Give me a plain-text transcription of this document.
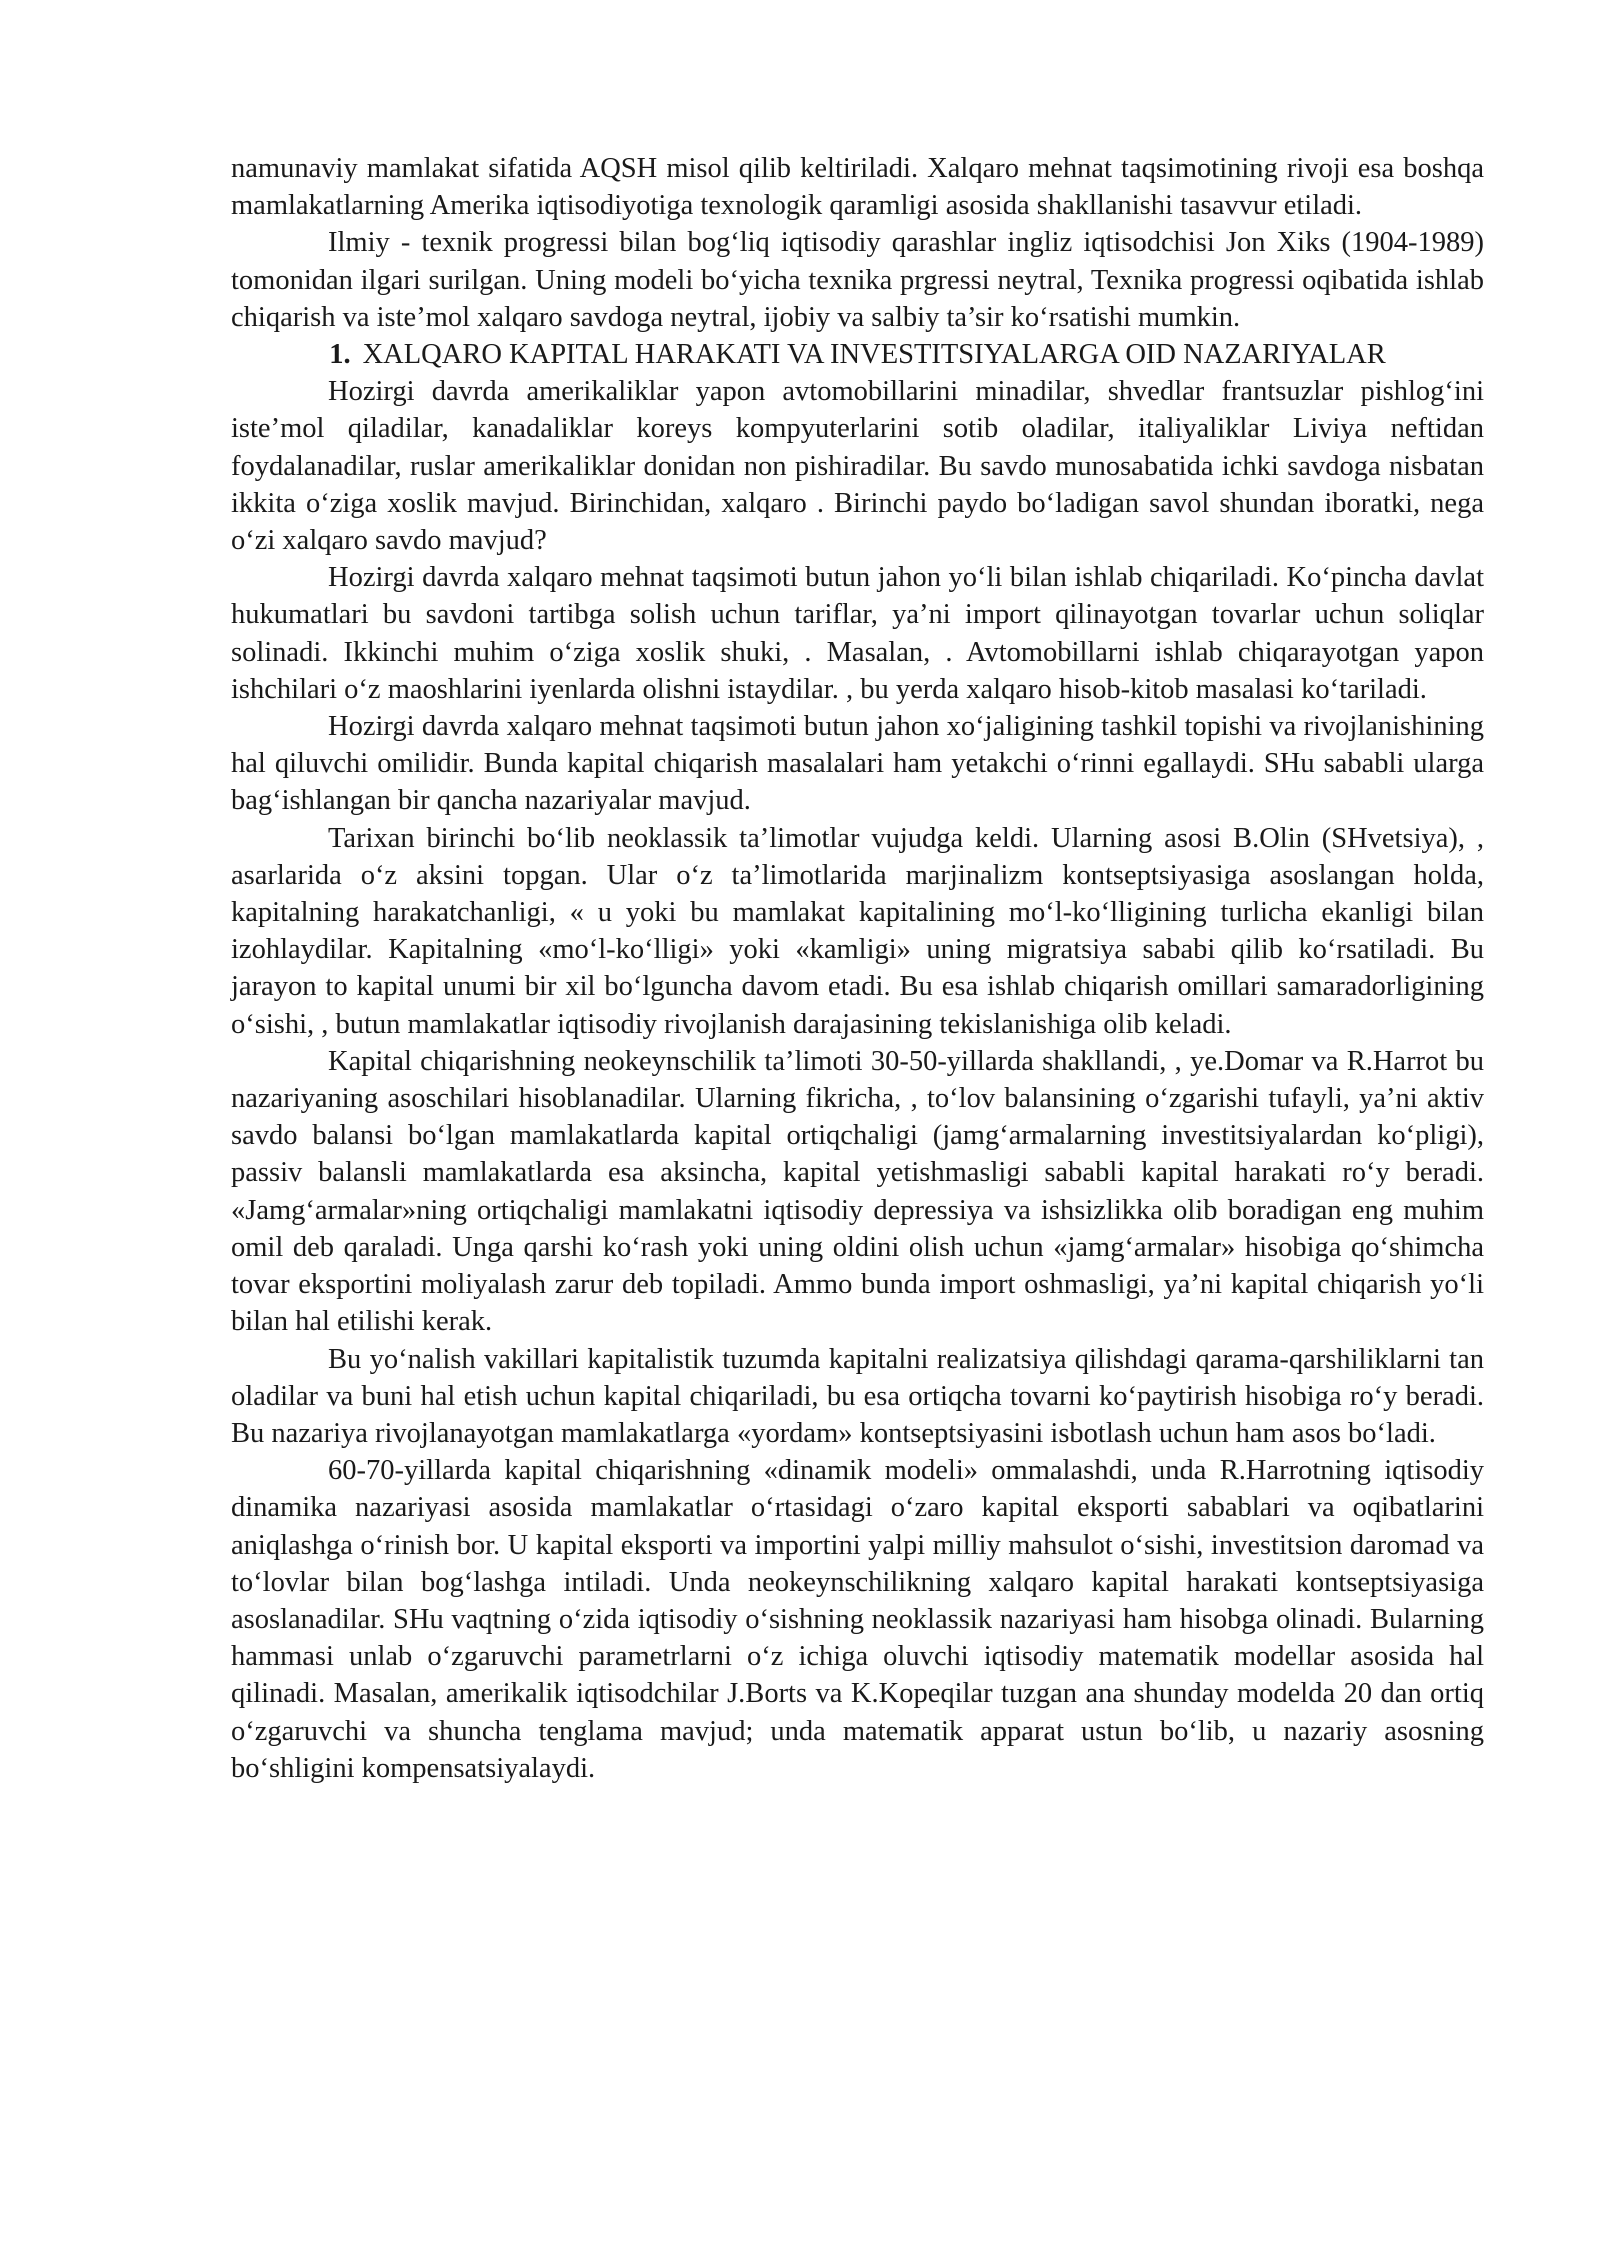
namunaviy mamlakat sifatida AQSH misol qilib keltiriladi. Xalqaro mehnat taqsimotining rivoji esa boshqa mamlakatlarning Amerika iqtisodiyotiga texnologik qaramligi asosida shakllanishi tasavvur etiladi.

Ilmiy - texnik progressi bilan bog‘liq iqtisodiy qarashlar ingliz iqtisodchisi Jon Xiks (1904-1989) tomonidan ilgari surilgan. Uning modeli bo‘yicha texnika prgressi neytral, Texnika progressi oqibatida ishlab chiqarish va iste’mol xalqaro savdoga neytral, ijobiy va salbiy ta’sir ko‘rsatishi mumkin.

1. XALQARO KAPITAL HARAKATI VA INVESTITSIYALARGA OID NAZARIYALAR

Hozirgi davrda amerikaliklar yapon avtomobillarini minadilar, shvedlar frantsuzlar pishlog‘ini iste’mol qiladilar, kanadaliklar koreys kompyuterlarini sotib oladilar, italiyaliklar Liviya neftidan foydalanadilar, ruslar amerikaliklar donidan non pishiradilar. Bu savdo munosabatida ichki savdoga nisbatan ikkita o‘ziga xoslik mavjud. Birinchidan, xalqaro . Birinchi paydo bo‘ladigan savol shundan iboratki, nega o‘zi xalqaro savdo mavjud?

Hozirgi davrda xalqaro mehnat taqsimoti butun jahon yo‘li bilan ishlab chiqariladi. Ko‘pincha davlat hukumatlari bu savdoni tartibga solish uchun tariflar, ya’ni import qilinayotgan tovarlar uchun soliqlar solinadi. Ikkinchi muhim o‘ziga xoslik shuki, . Masalan, . Avtomobillarni ishlab chiqarayotgan yapon ishchilari o‘z maoshlarini iyenlarda olishni istaydilar. , bu yerda xalqaro hisob-kitob masalasi ko‘tariladi.

Hozirgi davrda xalqaro mehnat taqsimoti butun jahon xo‘jaligining tashkil topishi va rivojlanishining hal qiluvchi omilidir. Bunda kapital chiqarish masalalari ham yetakchi o‘rinni egallaydi. SHu sababli ularga bag‘ishlangan bir qancha nazariyalar mavjud.

Tarixan birinchi bo‘lib neoklassik ta’limotlar vujudga keldi. Ularning asosi B.Olin (SHvetsiya), , asarlarida o‘z aksini topgan. Ular o‘z ta’limotlarida marjinalizm kontseptsiyasiga asoslangan holda, kapitalning harakatchanligi, « u yoki bu mamlakat kapitalining mo‘l-ko‘lligining turlicha ekanligi bilan izohlaydilar. Kapitalning «mo‘l-ko‘lligi» yoki «kamligi» uning migratsiya sababi qilib ko‘rsatiladi. Bu jarayon to kapital unumi bir xil bo‘lguncha davom etadi. Bu esa ishlab chiqarish omillari samaradorligining o‘sishi, , butun mamlakatlar iqtisodiy rivojlanish darajasining tekislanishiga olib keladi.

Kapital chiqarishning neokeynschilik ta’limoti 30-50-yillarda shakllandi, , ye.Domar va R.Harrot bu nazariyaning asoschilari hisoblanadilar. Ularning fikricha, , to‘lov balansining o‘zgarishi tufayli, ya’ni aktiv savdo balansi bo‘lgan mamlakatlarda kapital ortiqchaligi (jamg‘armalarning investitsiyalardan ko‘pligi), passiv balansli mamlakatlarda esa aksincha, kapital yetishmasligi sababli kapital harakati ro‘y beradi. «Jamg‘armalar»ning ortiqchaligi mamlakatni iqtisodiy depressiya va ishsizlikka olib boradigan eng muhim omil deb qaraladi. Unga qarshi ko‘rash yoki uning oldini olish uchun «jamg‘armalar» hisobiga qo‘shimcha tovar eksportini moliyalash zarur deb topiladi. Ammo bunda import oshmasligi, ya’ni kapital chiqarish yo‘li bilan hal etilishi kerak.

Bu yo‘nalish vakillari kapitalistik tuzumda kapitalni realizatsiya qilishdagi qarama-qarshiliklarni tan oladilar va buni hal etish uchun kapital chiqariladi, bu esa ortiqcha tovarni ko‘paytirish hisobiga ro‘y beradi. Bu nazariya rivojlanayotgan mamlakatlarga «yordam» kontseptsiyasini isbotlash uchun ham asos bo‘ladi.

60-70-yillarda kapital chiqarishning «dinamik modeli» ommalashdi, unda R.Harrotning iqtisodiy dinamika nazariyasi asosida mamlakatlar o‘rtasidagi o‘zaro kapital eksporti sabablari va oqibatlarini aniqlashga o‘rinish bor. U kapital eksporti va importini yalpi milliy mahsulot o‘sishi, investitsion daromad va to‘lovlar bilan bog‘lashga intiladi. Unda neokeynschilikning xalqaro kapital harakati kontseptsiyasiga asoslanadilar. SHu vaqtning o‘zida iqtisodiy o‘sishning neoklassik nazariyasi ham hisobga olinadi. Bularning hammasi unlab o‘zgaruvchi parametrlarni o‘z ichiga oluvchi iqtisodiy matematik modellar asosida hal qilinadi. Masalan, amerikalik iqtisodchilar J.Borts va K.Kopeqilar tuzgan ana shunday modelda 20 dan ortiq o‘zgaruvchi va shuncha tenglama mavjud; unda matematik apparat ustun bo‘lib, u nazariy asosning bo‘shligini kompensatsiyalaydi.
